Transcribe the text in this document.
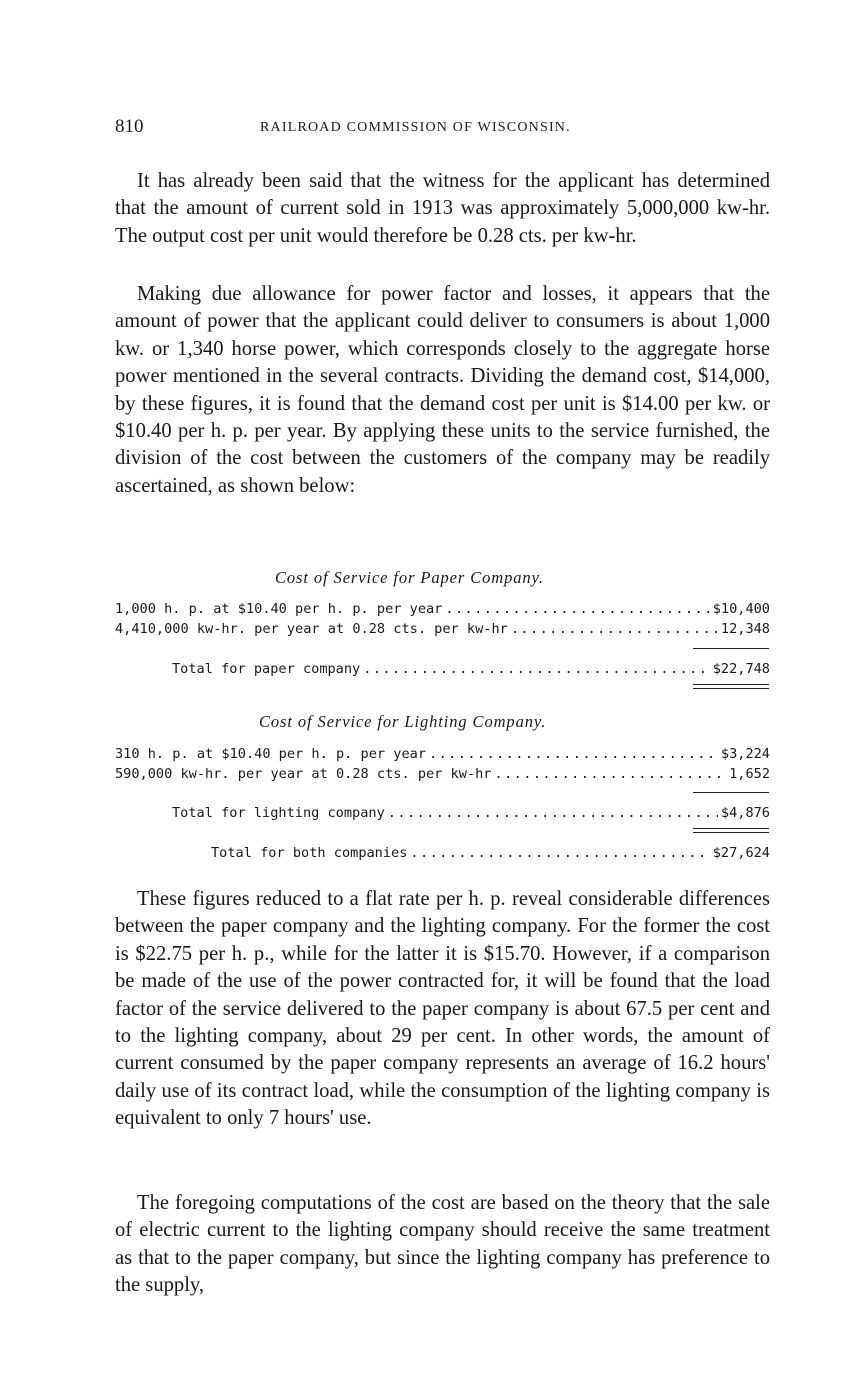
810	RAILROAD COMMISSION OF WISCONSIN.

It has already been said that the witness for the applicant has determined that the amount of current sold in 1913 was approximately 5,000,000 kw-hr. The output cost per unit would therefore be 0.28 cts. per kw-hr.

Making due allowance for power factor and losses, it appears that the amount of power that the applicant could deliver to consumers is about 1,000 kw. or 1,340 horse power, which corresponds closely to the aggregate horse power mentioned in the several contracts. Dividing the demand cost, $14,000, by these figures, it is found that the demand cost per unit is $14.00 per kw. or $10.40 per h. p. per year. By applying these units to the service furnished, the division of the cost between the customers of the company may be readily ascertained, as shown below:

Cost of Service for Paper Company.
1,000 h. p. at $10.40 per h. p. per year .....	$10,400
4,410,000 kw-hr. per year at 0.28 cts. per kw-hr .....	12,348
Total for paper company .....	$22,748
Cost of Service for Lighting Company.
310 h. p. at $10.40 per h. p. per year .....	$3,224
590,000 kw-hr. per year at 0.28 cts. per kw-hr .....	1,652
Total for lighting company .....	$4,876
Total for both companies .....	$27,624

These figures reduced to a flat rate per h. p. reveal considerable differences between the paper company and the lighting company. For the former the cost is $22.75 per h. p., while for the latter it is $15.70. However, if a comparison be made of the use of the power contracted for, it will be found that the load factor of the service delivered to the paper company is about 67.5 per cent and to the lighting company, about 29 per cent. In other words, the amount of current consumed by the paper company represents an average of 16.2 hours' daily use of its contract load, while the consumption of the lighting company is equivalent to only 7 hours' use.

The foregoing computations of the cost are based on the theory that the sale of electric current to the lighting company should receive the same treatment as that to the paper company, but since the lighting company has preference to the supply,
